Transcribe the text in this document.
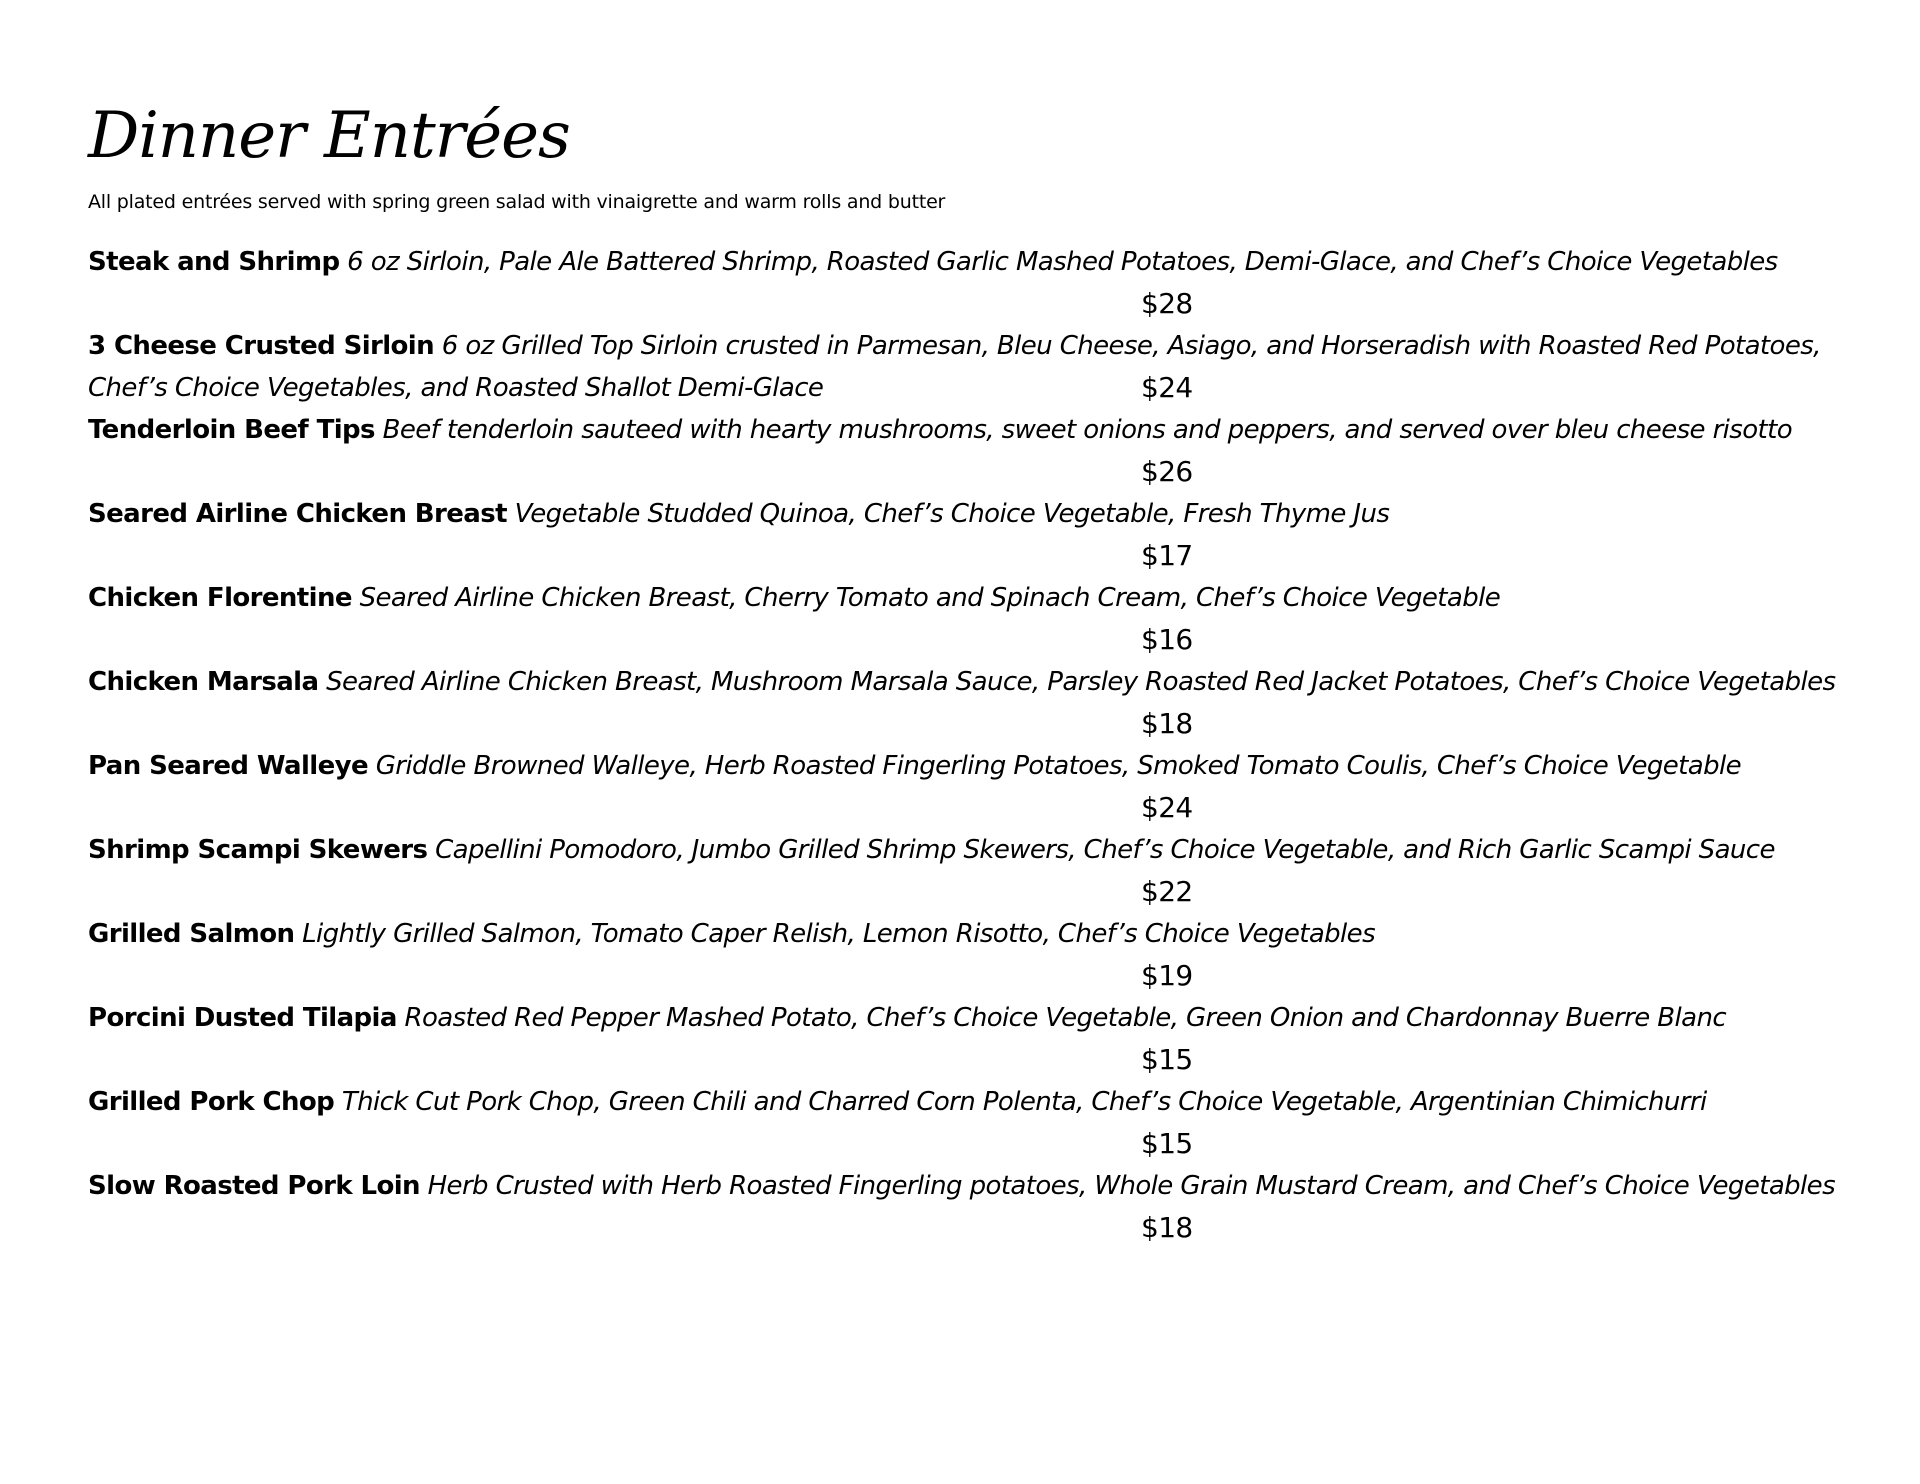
Dinner Entrées
All plated entrées served with spring green salad with vinaigrette and warm rolls and butter

Steak and Shrimp 6 oz Sirloin, Pale Ale Battered Shrimp, Roasted Garlic Mashed Potatoes, Demi-Glace, and Chef’s Choice Vegetables

$28

3 Cheese Crusted Sirloin 6 oz Grilled Top Sirloin crusted in Parmesan, Bleu Cheese, Asiago, and Horseradish with Roasted Red Potatoes, Chef’s Choice Vegetables, and Roasted Shallot Demi-Glace	$24

Tenderloin Beef Tips Beef tenderloin sauteed with hearty mushrooms, sweet onions and peppers, and served over bleu cheese risotto

$26

Seared Airline Chicken Breast Vegetable Studded Quinoa, Chef’s Choice Vegetable, Fresh Thyme Jus

$17

Chicken Florentine Seared Airline Chicken Breast, Cherry Tomato and Spinach Cream, Chef’s Choice Vegetable

$16

Chicken Marsala Seared Airline Chicken Breast, Mushroom Marsala Sauce, Parsley Roasted Red Jacket Potatoes, Chef’s Choice Vegetables

$18

Pan Seared Walleye Griddle Browned Walleye, Herb Roasted Fingerling Potatoes, Smoked Tomato Coulis, Chef’s Choice Vegetable

$24

Shrimp Scampi Skewers Capellini Pomodoro, Jumbo Grilled Shrimp Skewers, Chef’s Choice Vegetable, and Rich Garlic Scampi Sauce

$22

Grilled Salmon Lightly Grilled Salmon, Tomato Caper Relish, Lemon Risotto, Chef’s Choice Vegetables

$19

Porcini Dusted Tilapia Roasted Red Pepper Mashed Potato, Chef’s Choice Vegetable, Green Onion and Chardonnay Buerre Blanc

$15

Grilled Pork Chop Thick Cut Pork Chop, Green Chili and Charred Corn Polenta, Chef’s Choice Vegetable, Argentinian Chimichurri

$15

Slow Roasted Pork Loin Herb Crusted with Herb Roasted Fingerling potatoes, Whole Grain Mustard Cream, and Chef’s Choice Vegetables

$18
